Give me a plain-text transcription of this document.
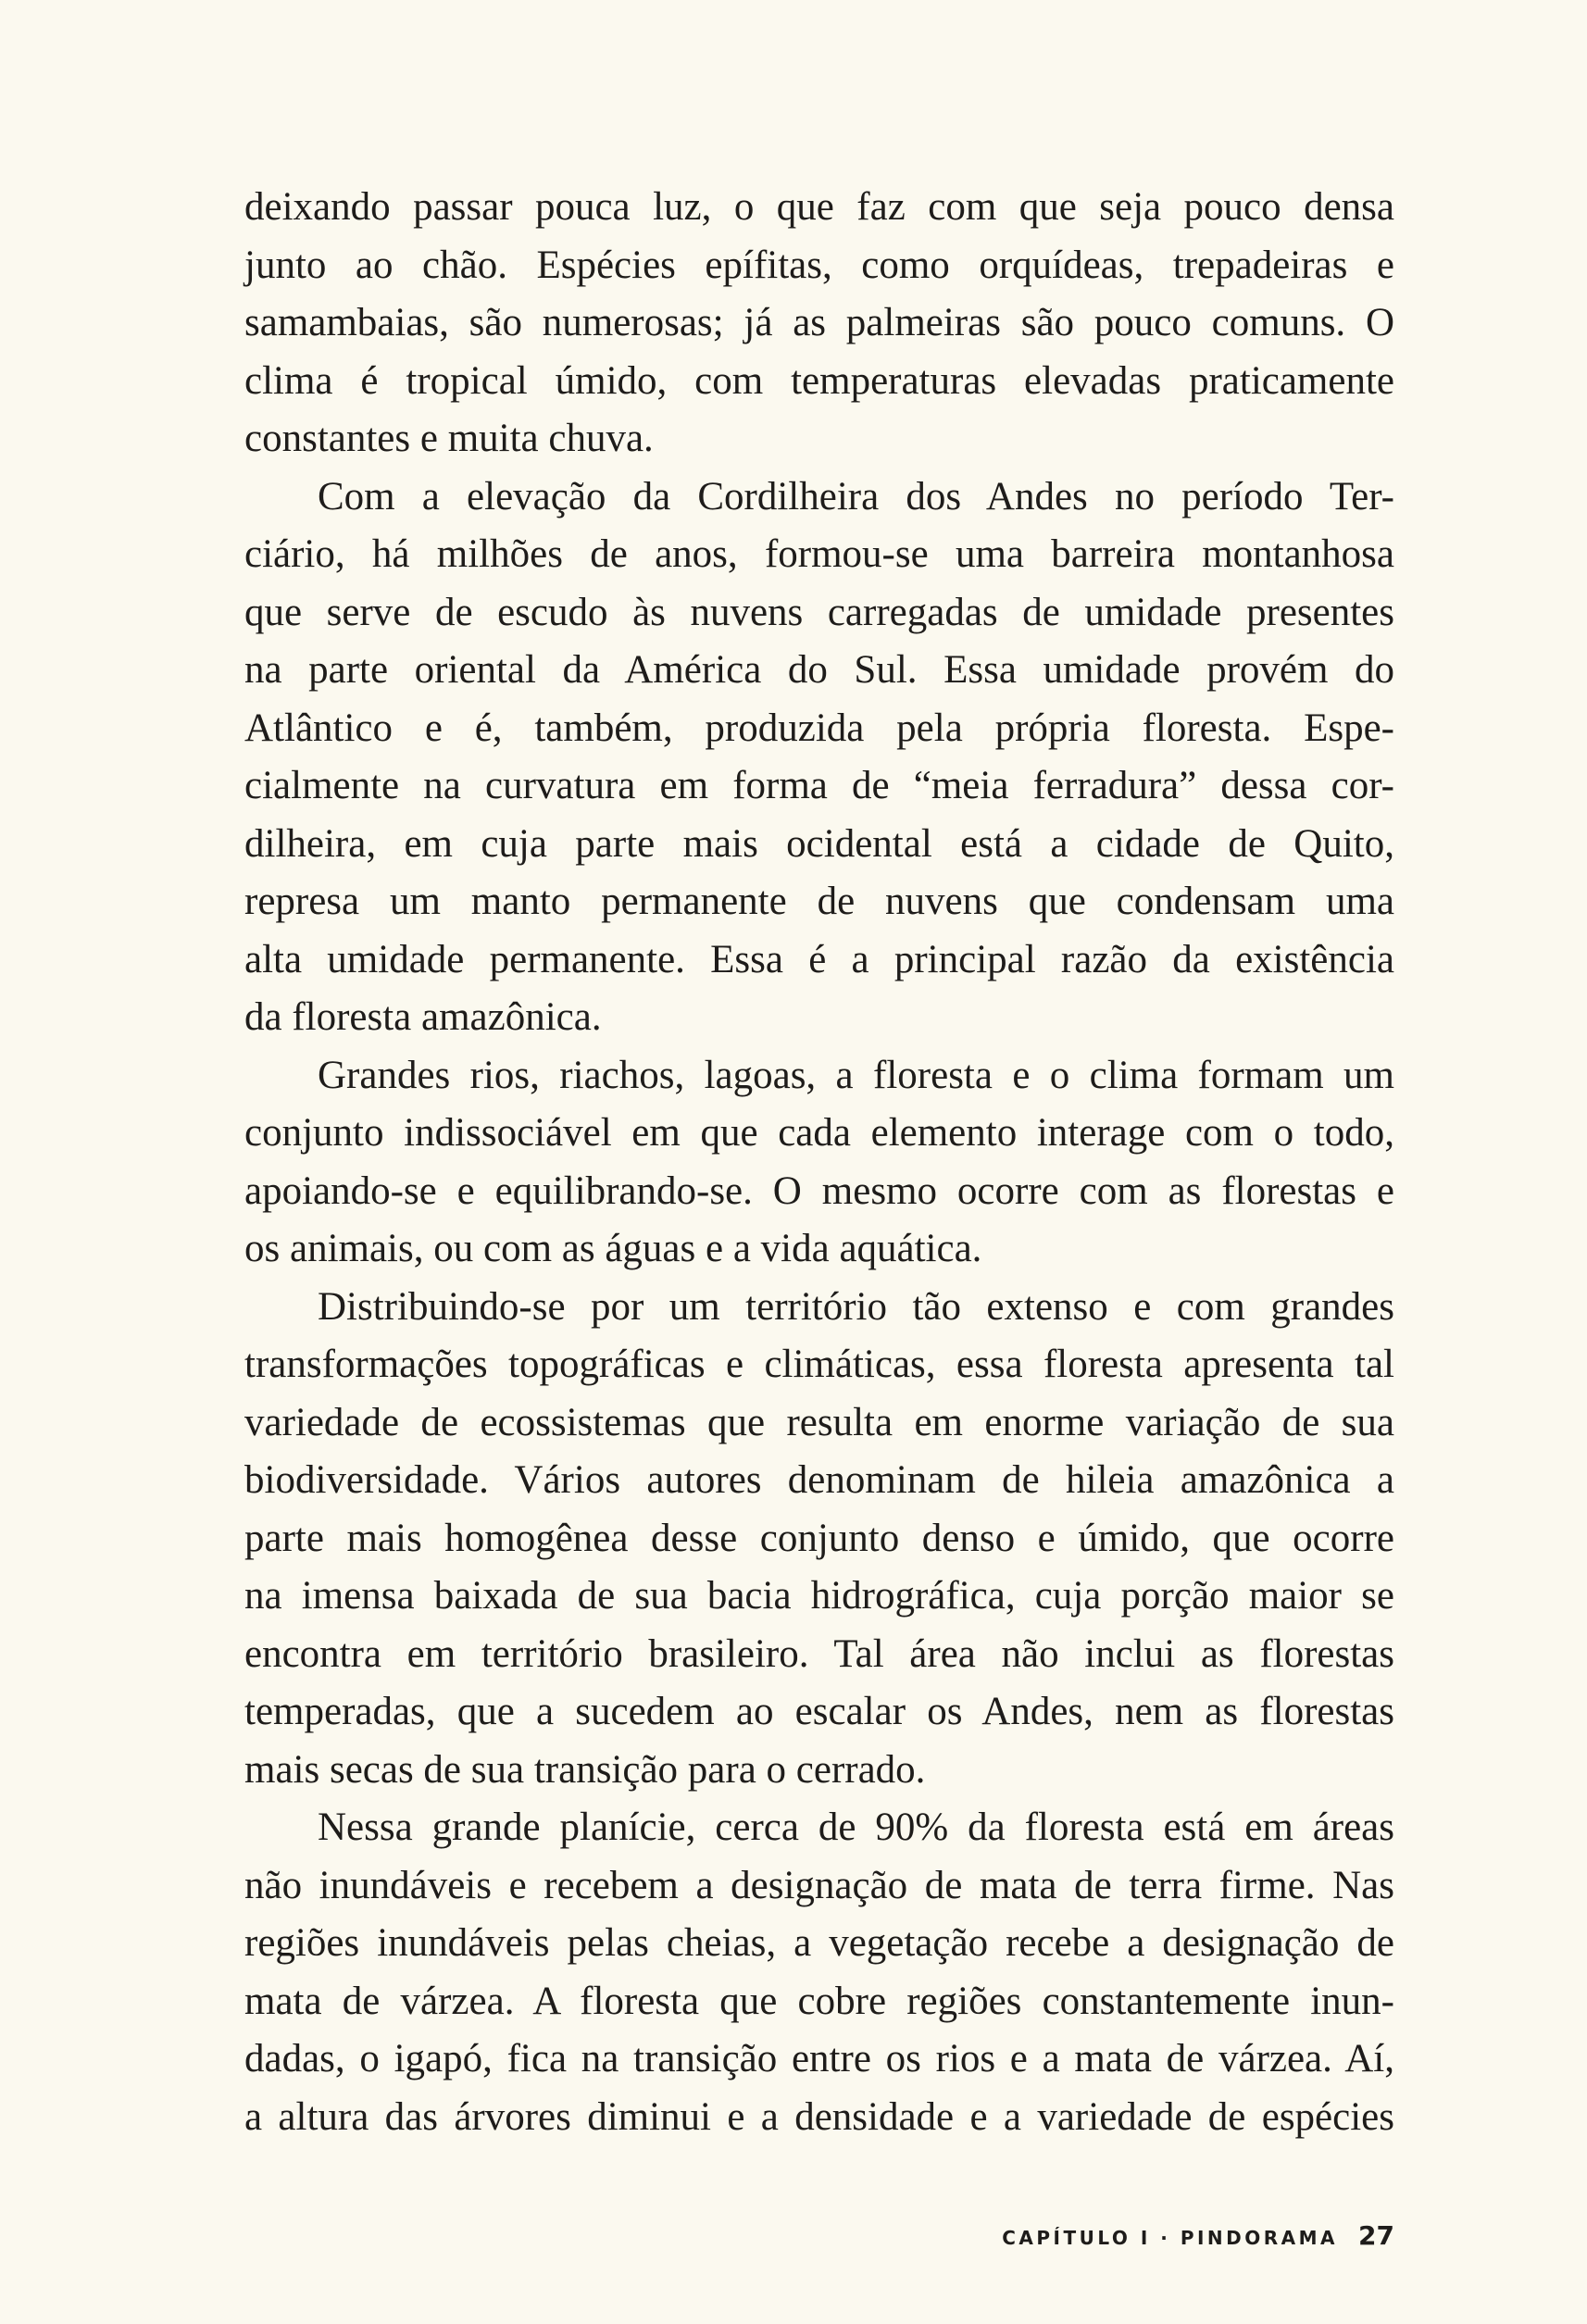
deixando passar pouca luz, o que faz com que seja pouco densa
junto ao chão. Espécies epífitas, como orquídeas, trepadeiras e
samambaias, são numerosas; já as palmeiras são pouco comuns. O
clima é tropical úmido, com temperaturas elevadas praticamente
constantes e muita chuva.

Com a elevação da Cordilheira dos Andes no período Ter-
ciário, há milhões de anos, formou-se uma barreira montanhosa
que serve de escudo às nuvens carregadas de umidade presentes
na parte oriental da América do Sul. Essa umidade provém do
Atlântico e é, também, produzida pela própria floresta. Espe-
cialmente na curvatura em forma de “meia ferradura” dessa cor-
dilheira, em cuja parte mais ocidental está a cidade de Quito,
represa um manto permanente de nuvens que condensam uma
alta umidade permanente. Essa é a principal razão da existência
da floresta amazônica.

Grandes rios, riachos, lagoas, a floresta e o clima formam um
conjunto indissociável em que cada elemento interage com o todo,
apoiando-se e equilibrando-se. O mesmo ocorre com as florestas e
os animais, ou com as águas e a vida aquática.

Distribuindo-se por um território tão extenso e com grandes
transformações topográficas e climáticas, essa floresta apresenta tal
variedade de ecossistemas que resulta em enorme variação de sua
biodiversidade. Vários autores denominam de hileia amazônica a
parte mais homogênea desse conjunto denso e úmido, que ocorre
na imensa baixada de sua bacia hidrográfica, cuja porção maior se
encontra em território brasileiro. Tal área não inclui as florestas
temperadas, que a sucedem ao escalar os Andes, nem as florestas
mais secas de sua transição para o cerrado.

Nessa grande planície, cerca de 90% da floresta está em áreas
não inundáveis e recebem a designação de mata de terra firme. Nas
regiões inundáveis pelas cheias, a vegetação recebe a designação de
mata de várzea. A floresta que cobre regiões constantemente inun-
dadas, o igapó, fica na transição entre os rios e a mata de várzea. Aí,
a altura das árvores diminui e a densidade e a variedade de espécies

CAPÍTULO I · PINDORAMA 27
